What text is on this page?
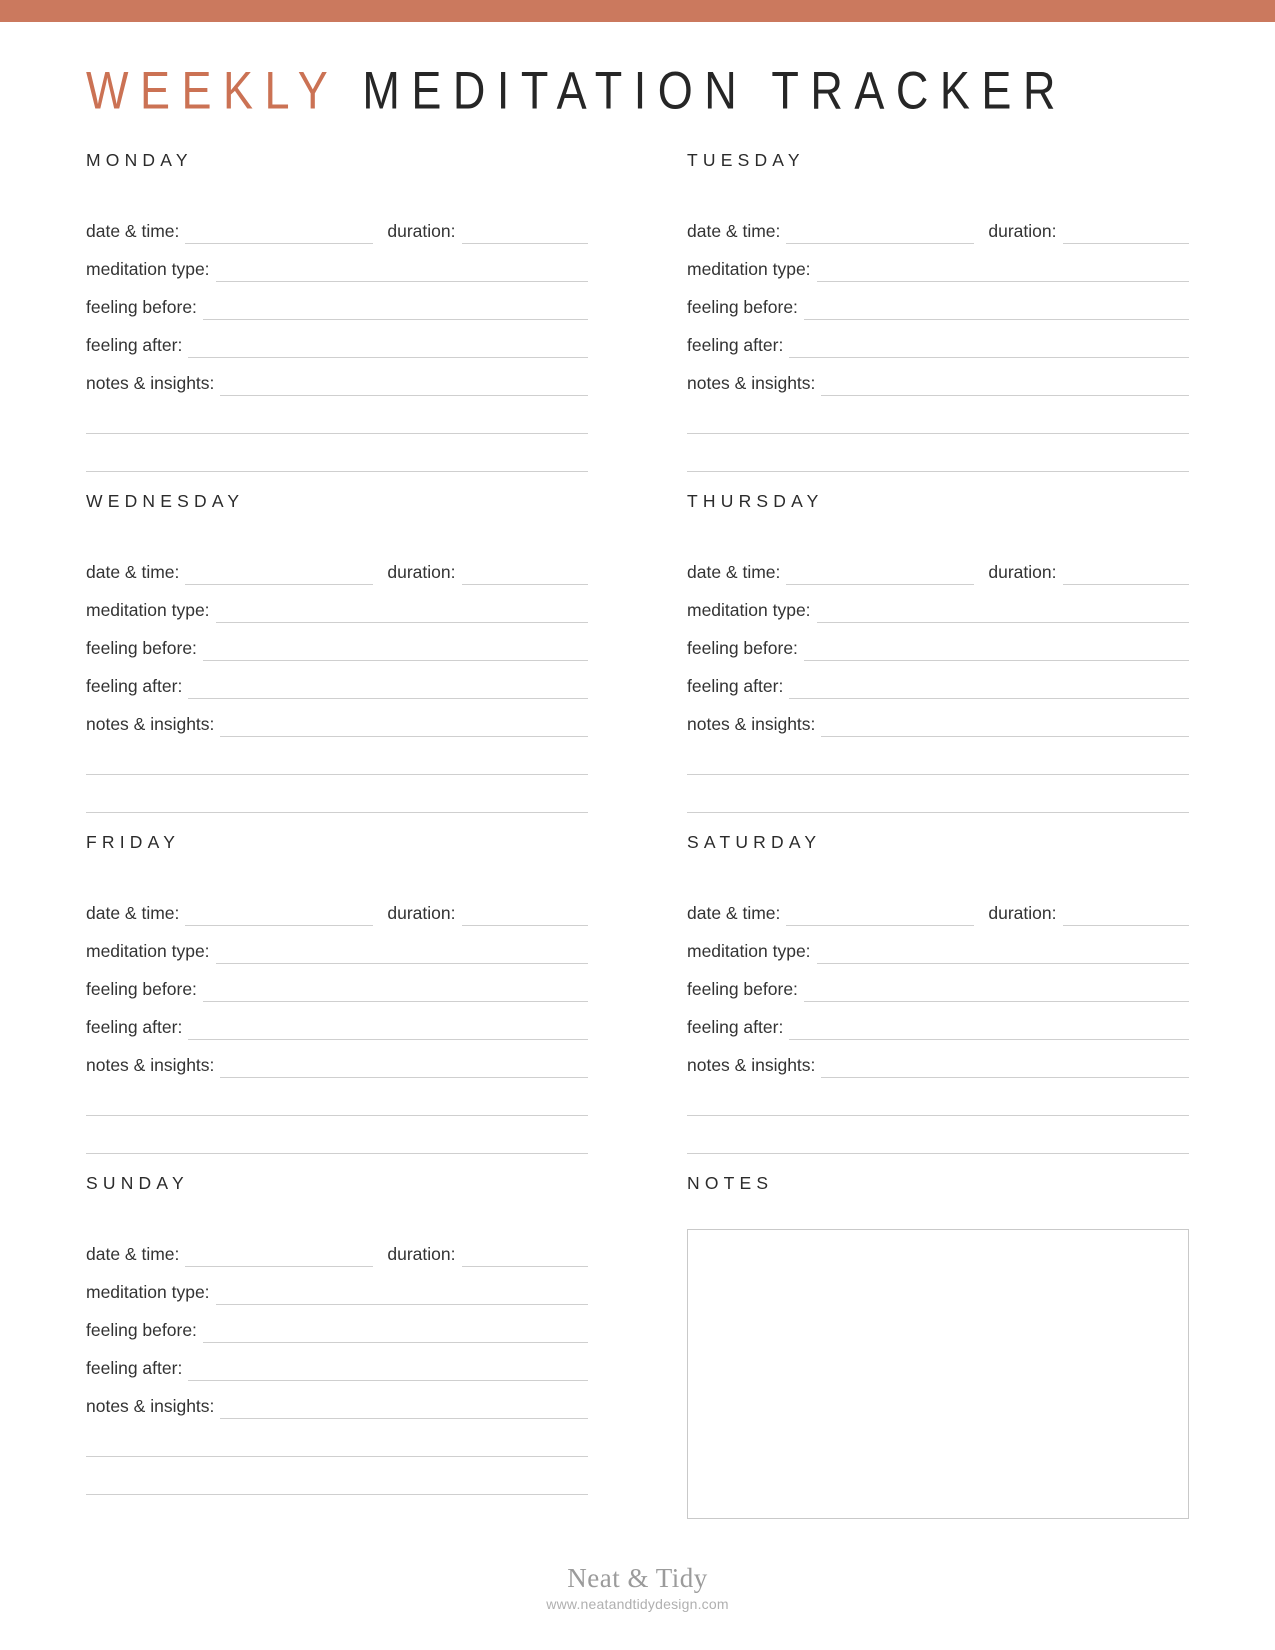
WEEKLY MEDITATION TRACKER
MONDAY
date & time:	duration:
meditation type:
feeling before:
feeling after:
notes & insights:
TUESDAY
date & time:	duration:
meditation type:
feeling before:
feeling after:
notes & insights:
WEDNESDAY
date & time:	duration:
meditation type:
feeling before:
feeling after:
notes & insights:
THURSDAY
date & time:	duration:
meditation type:
feeling before:
feeling after:
notes & insights:
FRIDAY
date & time:	duration:
meditation type:
feeling before:
feeling after:
notes & insights:
SATURDAY
date & time:	duration:
meditation type:
feeling before:
feeling after:
notes & insights:
SUNDAY
date & time:	duration:
meditation type:
feeling before:
feeling after:
notes & insights:
NOTES
Neat & Tidy
www.neatandtidydesign.com
